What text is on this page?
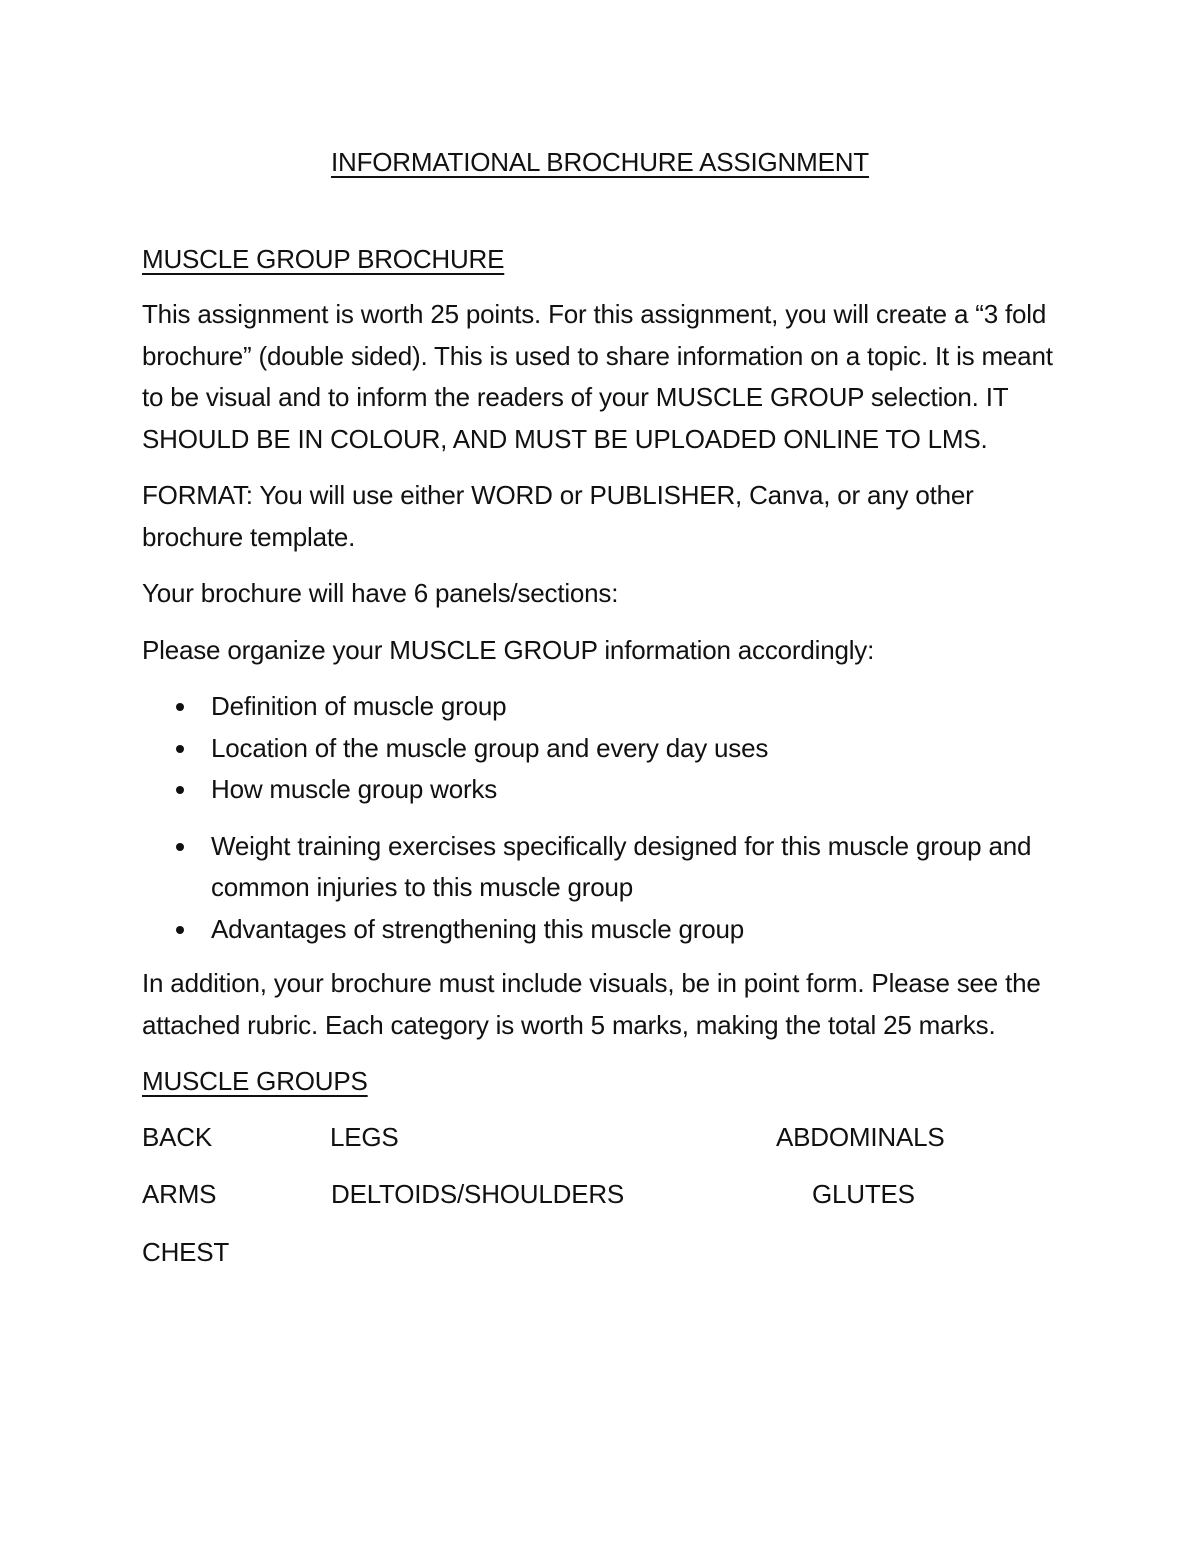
INFORMATIONAL BROCHURE ASSIGNMENT
MUSCLE GROUP BROCHURE

This assignment is worth 25 points. For this assignment, you will create a “3 fold brochure” (double sided). This is used to share information on a topic. It is meant to be visual and to inform the readers of your MUSCLE GROUP selection. IT SHOULD BE IN COLOUR, AND MUST BE UPLOADED ONLINE TO LMS.

FORMAT: You will use either WORD or PUBLISHER, Canva, or any other brochure template.

Your brochure will have 6 panels/sections:

Please organize your MUSCLE GROUP information accordingly:

Definition of muscle group
Location of the muscle group and every day uses
How muscle group works
Weight training exercises specifically designed for this muscle group and common injuries to this muscle group
Advantages of strengthening this muscle group

In addition, your brochure must include visuals, be in point form. Please see the attached rubric. Each category is worth 5 marks, making the total 25 marks.

MUSCLE GROUPS
BACK	LEGS	ABDOMINALS
ARMS	DELTOIDS/SHOULDERS	GLUTES
CHEST
